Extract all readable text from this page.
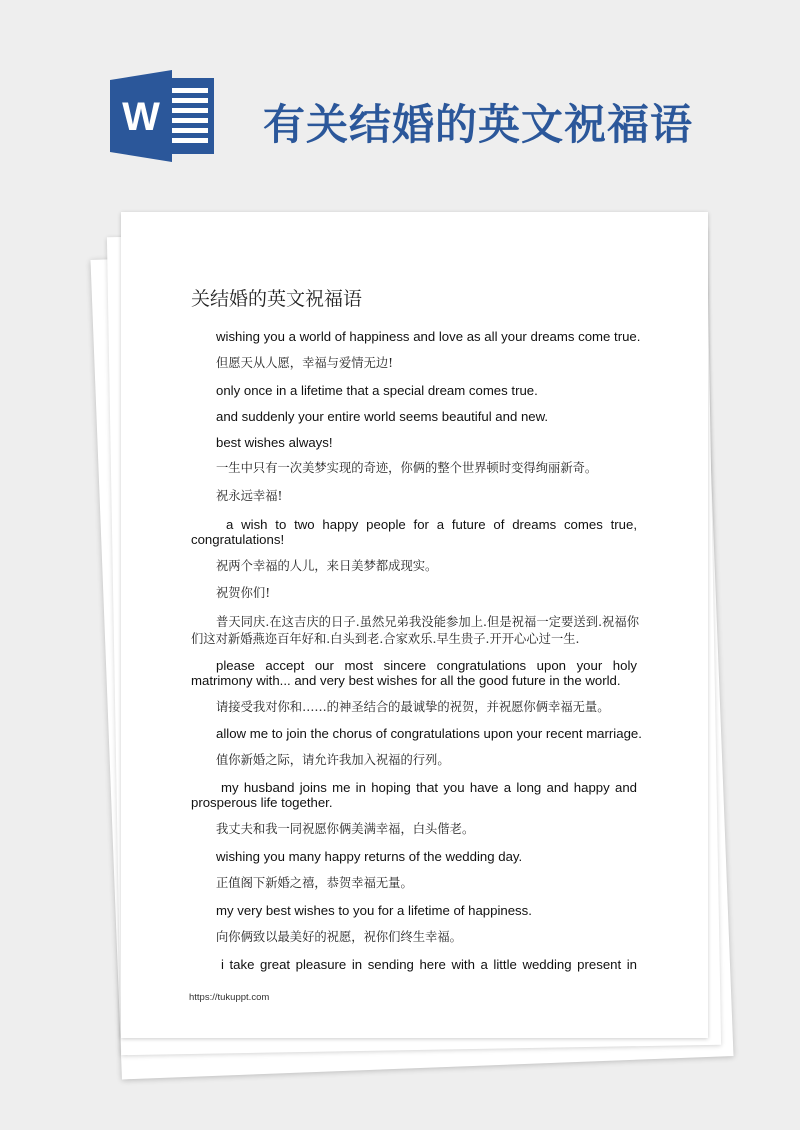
W 有关结婚的英文祝福语
关结婚的英文祝福语
wishing you a world of happiness and love as all your dreams come true.
但愿天从人愿，幸福与爱情无边!
only once in a lifetime that a special dream comes true.
and suddenly your entire world seems beautiful and new.
best wishes always!
一生中只有一次美梦实现的奇迹，你俩的整个世界顿时变得绚丽新奇。
祝永远幸福!
a wish to two happy people for a future of dreams comes true, congratulations!
祝两个幸福的人儿，来日美梦都成现实。
祝贺你们!
普天同庆.在这吉庆的日子.虽然兄弟我没能参加上.但是祝福一定要送到.祝福你们这对新婚燕迩百年好和.白头到老.合家欢乐.早生贵子.开开心心过一生.
please accept our most sincere congratulations upon your holy matrimony with... and very best wishes for all the good future in the world.
请接受我对你和……的神圣结合的最诚挚的祝贺，并祝愿你俩幸福无量。
allow me to join the chorus of congratulations upon your recent marriage.
值你新婚之际，请允许我加入祝福的行列。
my husband joins me in hoping that you have a long and happy and prosperous life together.
我丈夫和我一同祝愿你俩美满幸福，白头偕老。
wishing you many happy returns of the wedding day.
正值阁下新婚之禧，恭贺幸福无量。
my very best wishes to you for a lifetime of happiness.
向你俩致以最美好的祝愿，祝你们终生幸福。
i take great pleasure in sending here with a little wedding present in
https://tukuppt.com
